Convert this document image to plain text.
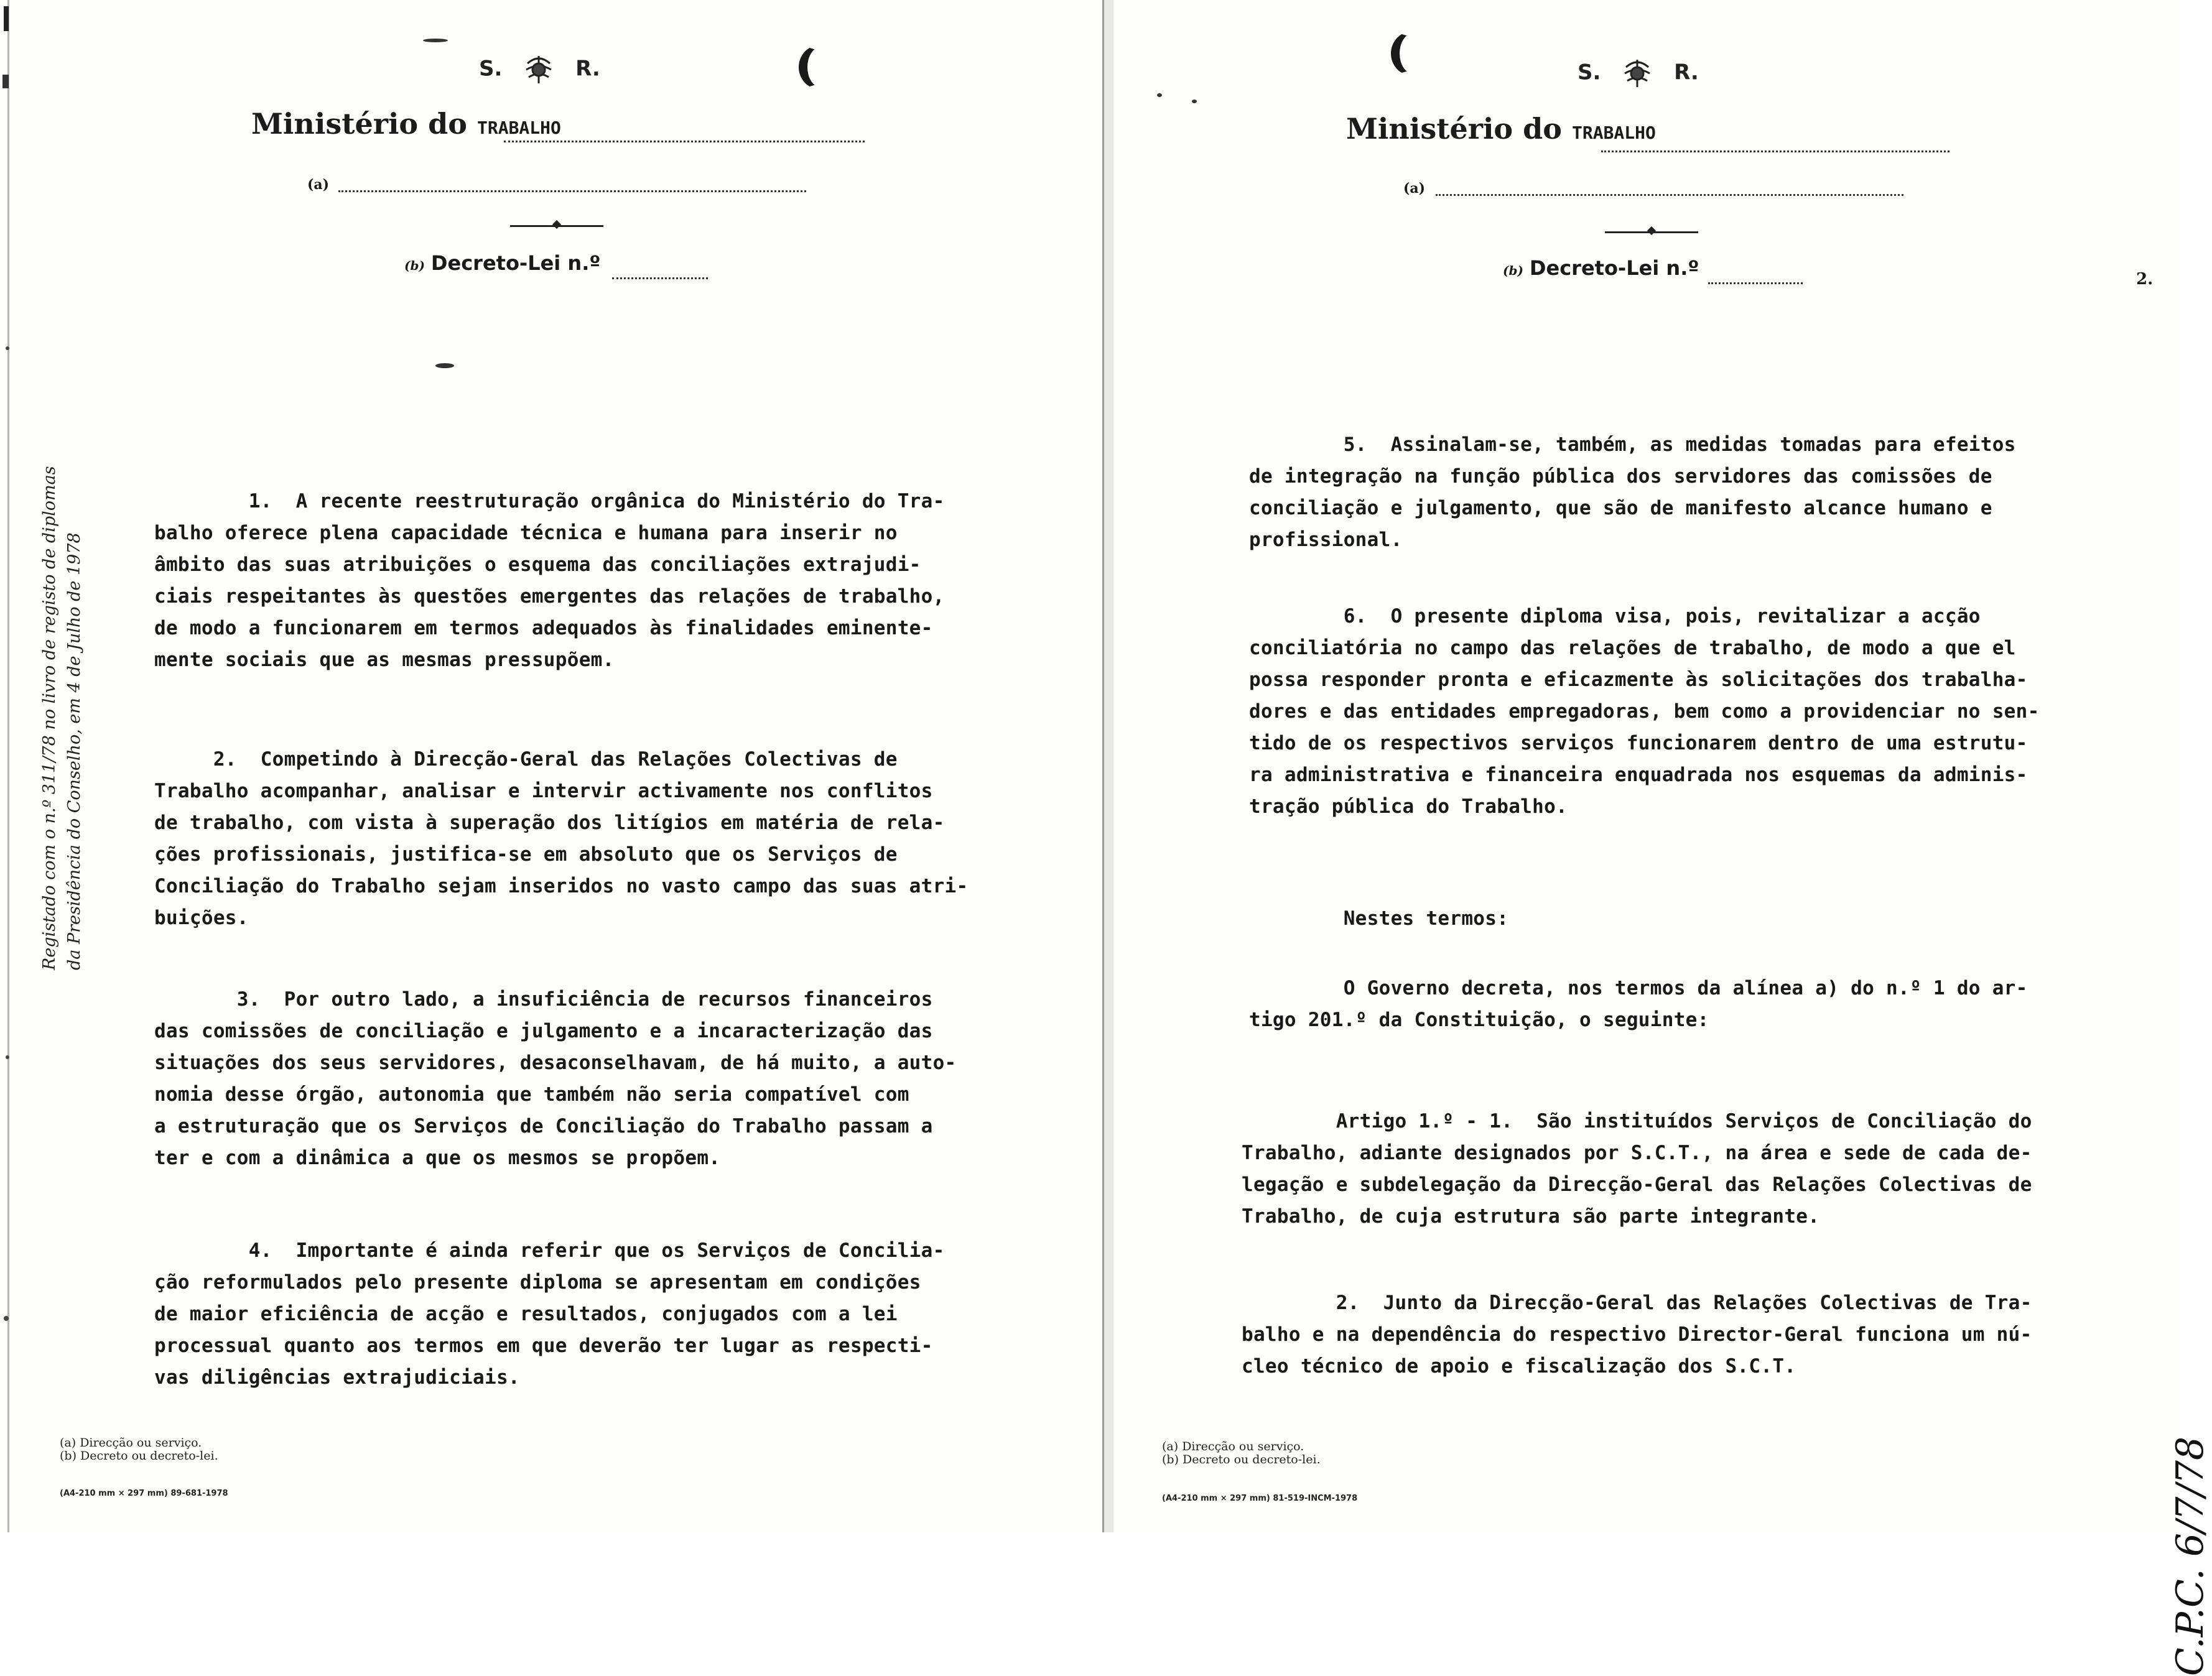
S.	R.
Ministério do TRABALHO
(a)
(b) Decreto-Lei n.º
1.  A recente reestruturação orgânica do Ministério do Tra-
balho oferece plena capacidade técnica e humana para inserir no
âmbito das suas atribuições o esquema das conciliações extrajudi-
ciais respeitantes às questões emergentes das relações de trabalho,
de modo a funcionarem em termos adequados às finalidades eminente-
mente sociais que as mesmas pressupõem.
2.  Competindo à Direcção-Geral das Relações Colectivas de
Trabalho acompanhar, analisar e intervir activamente nos conflitos
de trabalho, com vista à superação dos litígios em matéria de rela-
ções profissionais, justifica-se em absoluto que os Serviços de
Conciliação do Trabalho sejam inseridos no vasto campo das suas atri-
buições.
3.  Por outro lado, a insuficiência de recursos financeiros
das comissões de conciliação e julgamento e a incaracterização das
situações dos seus servidores, desaconselhavam, de há muito, a auto-
nomia desse órgão, autonomia que também não seria compatível com
a estruturação que os Serviços de Conciliação do Trabalho passam a
ter e com a dinâmica a que os mesmos se propõem.
4.  Importante é ainda referir que os Serviços de Concilia-
ção reformulados pelo presente diploma se apresentam em condições
de maior eficiência de acção e resultados, conjugados com a lei
processual quanto aos termos em que deverão ter lugar as respecti-
vas diligências extrajudiciais.
(a) Direcção ou serviço.
(b) Decreto ou decreto-lei.
(A4-210 mm × 297 mm) 89-681-1978
Registado com o n.º 311/78 no livro de registo de diplomas
da Presidência do Conselho, em 4 de Julho de 1978
S.	R.
Ministério do TRABALHO
(a)
(b) Decreto-Lei n.º	2.
5.  Assinalam-se, também, as medidas tomadas para efeitos
de integração na função pública dos servidores das comissões de
conciliação e julgamento, que são de manifesto alcance humano e
profissional.
6.  O presente diploma visa, pois, revitalizar a acção
conciliatória no campo das relações de trabalho, de modo a que el
possa responder pronta e eficazmente às solicitações dos trabalha-
dores e das entidades empregadoras, bem como a providenciar no sen-
tido de os respectivos serviços funcionarem dentro de uma estrutu-
ra administrativa e financeira enquadrada nos esquemas da adminis-
tração pública do Trabalho.
Nestes termos:
O Governo decreta, nos termos da alínea a) do n.º 1 do ar-
tigo 201.º da Constituição, o seguinte:
Artigo 1.º - 1.  São instituídos Serviços de Conciliação do
Trabalho, adiante designados por S.C.T., na área e sede de cada de-
legação e subdelegação da Direcção-Geral das Relações Colectivas de
Trabalho, de cuja estrutura são parte integrante.
2.  Junto da Direcção-Geral das Relações Colectivas de Tra-
balho e na dependência do respectivo Director-Geral funciona um nú-
cleo técnico de apoio e fiscalização dos S.C.T.
(a) Direcção ou serviço.
(b) Decreto ou decreto-lei.
(A4-210 mm × 297 mm) 81-519-INCM-1978	C.P.C. 6/7/78
